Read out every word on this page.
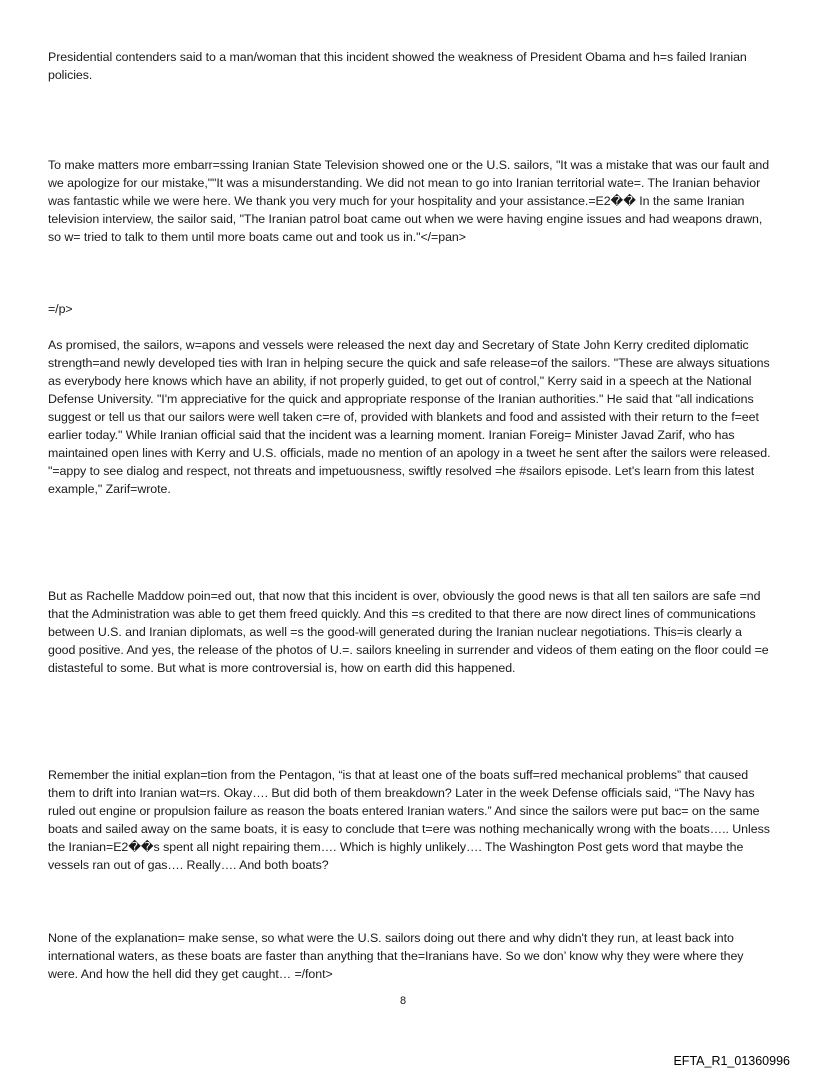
Presidential contenders said to a man/woman that this incident showed the weakness of President Obama and h=s failed Iranian policies.

To make matters more embarr=ssing Iranian State Television showed one or the U.S. sailors, "It was a mistake that was our fault and we apologize for our mistake,""It was a misunderstanding. We did not mean to go into Iranian territorial wate=. The Iranian behavior was fantastic while we were here. We thank you very much for your hospitality and your assistance.=E2�� In the same Iranian television interview, the sailor said, "The Iranian patrol boat came out when we were having engine issues and had weapons drawn, so w= tried to talk to them until more boats came out and took us in."</=pan>

=/p>

As promised, the sailors, w=apons and vessels were released the next day and Secretary of State John Kerry credited diplomatic strength=and newly developed ties with Iran in helping secure the quick and safe release=of the sailors. "These are always situations as everybody here knows which have an ability, if not properly guided, to get out of control," Kerry said in a speech at the National Defense University. "I'm appreciative for the quick and appropriate response of the Iranian authorities." He said that "all indications suggest or tell us that our sailors were well taken c=re of, provided with blankets and food and assisted with their return to the f=eet earlier today." While Iranian official said that the incident was a learning moment. Iranian Foreig= Minister Javad Zarif, who has maintained open lines with Kerry and U.S. officials, made no mention of an apology in a tweet he sent after the sailors were released. "=appy to see dialog and respect, not threats and impetuousness, swiftly resolved =he #sailors episode. Let's learn from this latest example," Zarif=wrote.

But as Rachelle Maddow poin=ed out, that now that this incident is over, obviously the good news is that all ten sailors are safe =nd that the Administration was able to get them freed quickly. And this =s credited to that there are now direct lines of communications between U.S. and Iranian diplomats, as well =s the good-will generated during the Iranian nuclear negotiations. This=is clearly a good positive. And yes, the release of the photos of U.=. sailors kneeling in surrender and videos of them eating on the floor could =e distasteful to some. But what is more controversial is, how on earth did this happened.

Remember the initial explan=tion from the Pentagon, “is that at least one of the boats suff=red mechanical problems” that caused them to drift into Iranian wat=rs. Okay…. But did both of them breakdown? Later in the week Defense officials said, “The Navy has ruled out engine or propulsion failure as reason the boats entered Iranian waters.” And since the sailors were put bac= on the same boats and sailed away on the same boats, it is easy to conclude that t=ere was nothing mechanically wrong with the boats….. Unless the Iranian=E2��s spent all night repairing them…. Which is highly unlikely…. The Washington Post gets word that maybe the vessels ran out of gas…. Really…. And both boats?

None of the explanation= make sense, so what were the U.S. sailors doing out there and why didn't they run, at least back into international waters, as these boats are faster than anything that the=Iranians have. So we don’ know why they were where they were. And how the hell did they get caught… =/font>

8
EFTA_R1_01360996
